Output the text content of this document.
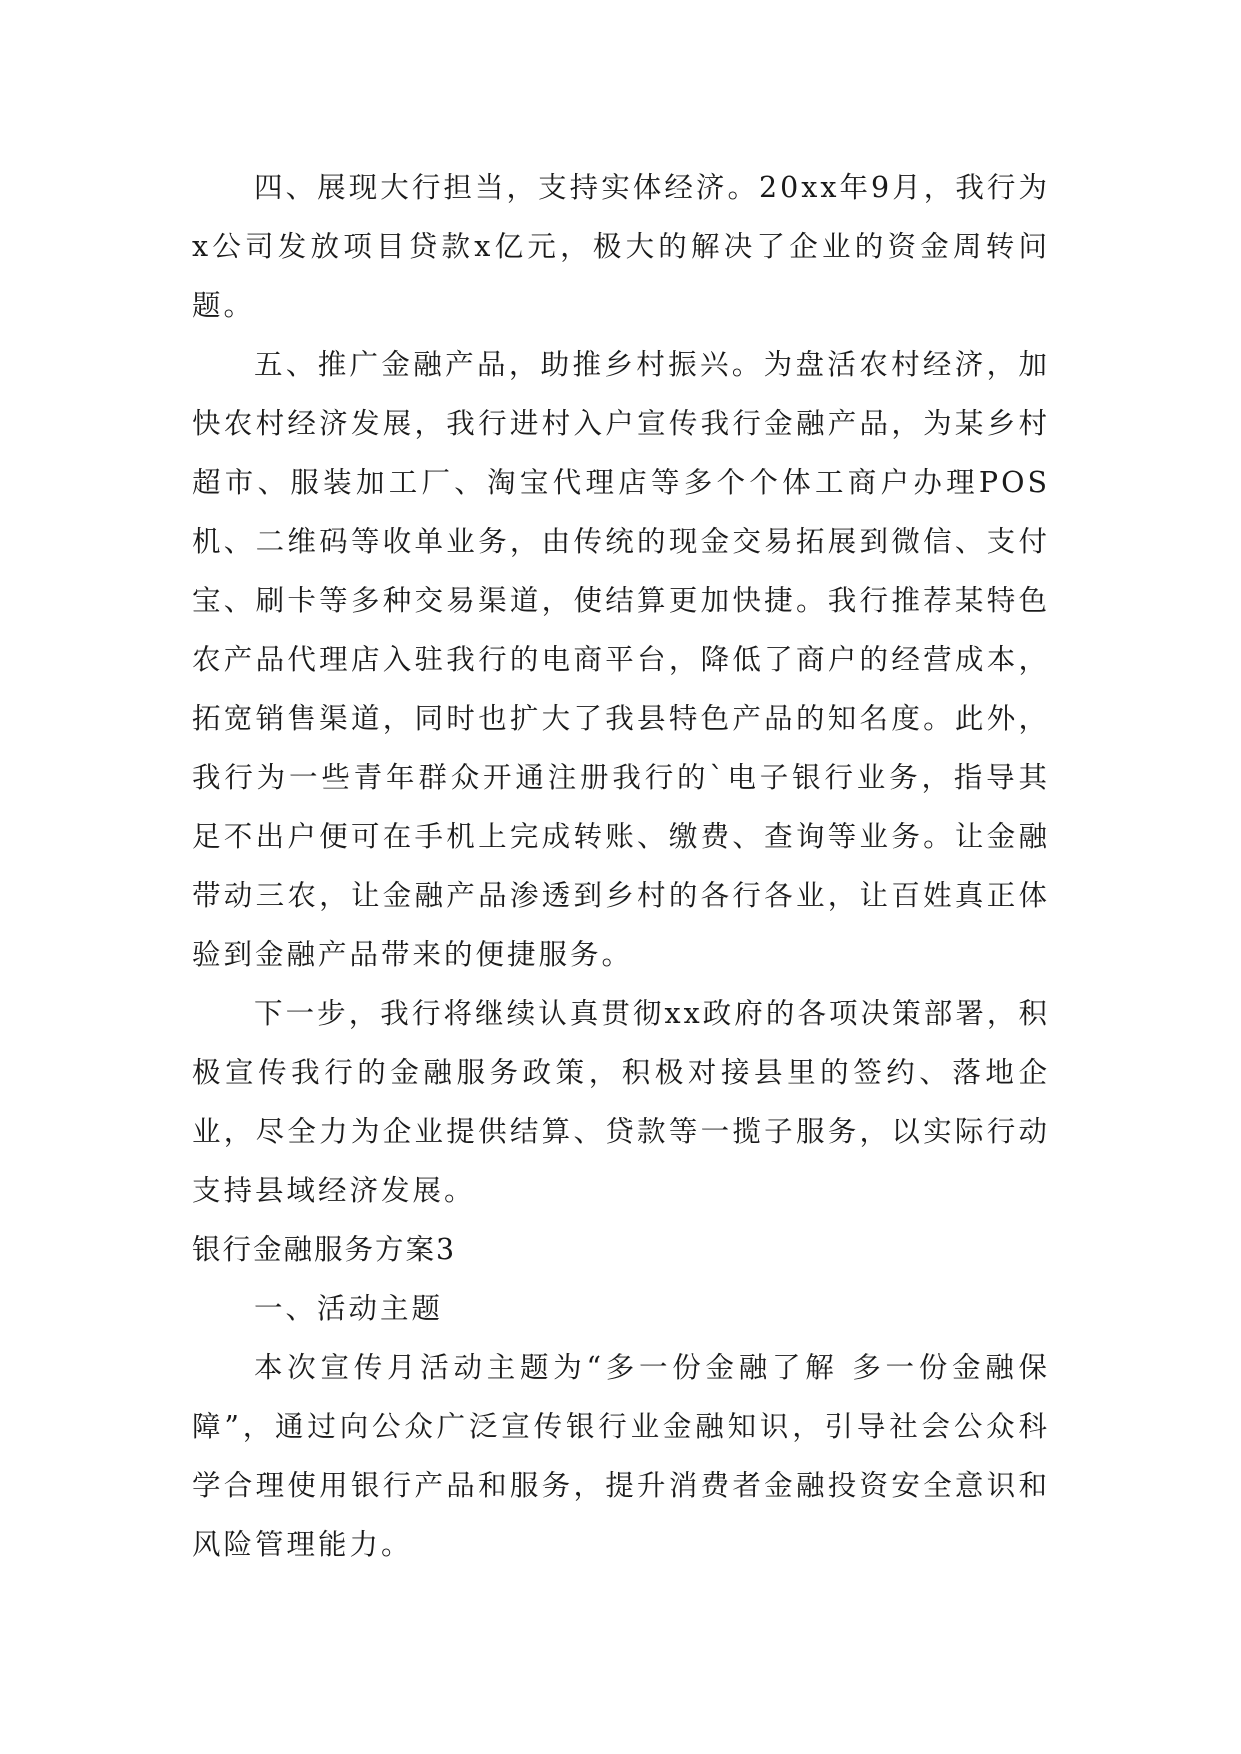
四、展现大行担当，支持实体经济。20xx年9月，我行为x公司发放项目贷款x亿元，极大的解决了企业的资金周转问题。

五、推广金融产品，助推乡村振兴。为盘活农村经济，加快农村经济发展，我行进村入户宣传我行金融产品，为某乡村超市、服装加工厂、淘宝代理店等多个个体工商户办理POS机、二维码等收单业务，由传统的现金交易拓展到微信、支付宝、刷卡等多种交易渠道，使结算更加快捷。我行推荐某特色农产品代理店入驻我行的电商平台，降低了商户的经营成本，拓宽销售渠道，同时也扩大了我县特色产品的知名度。此外，我行为一些青年群众开通注册我行的`电子银行业务，指导其足不出户便可在手机上完成转账、缴费、查询等业务。让金融带动三农，让金融产品渗透到乡村的各行各业，让百姓真正体验到金融产品带来的便捷服务。

下一步，我行将继续认真贯彻xx政府的各项决策部署，积极宣传我行的金融服务政策，积极对接县里的签约、落地企业，尽全力为企业提供结算、贷款等一揽子服务，以实际行动支持县域经济发展。

银行金融服务方案3

一、活动主题

本次宣传月活动主题为“多一份金融了解 多一份金融保障”，通过向公众广泛宣传银行业金融知识，引导社会公众科学合理使用银行产品和服务，提升消费者金融投资安全意识和风险管理能力。
